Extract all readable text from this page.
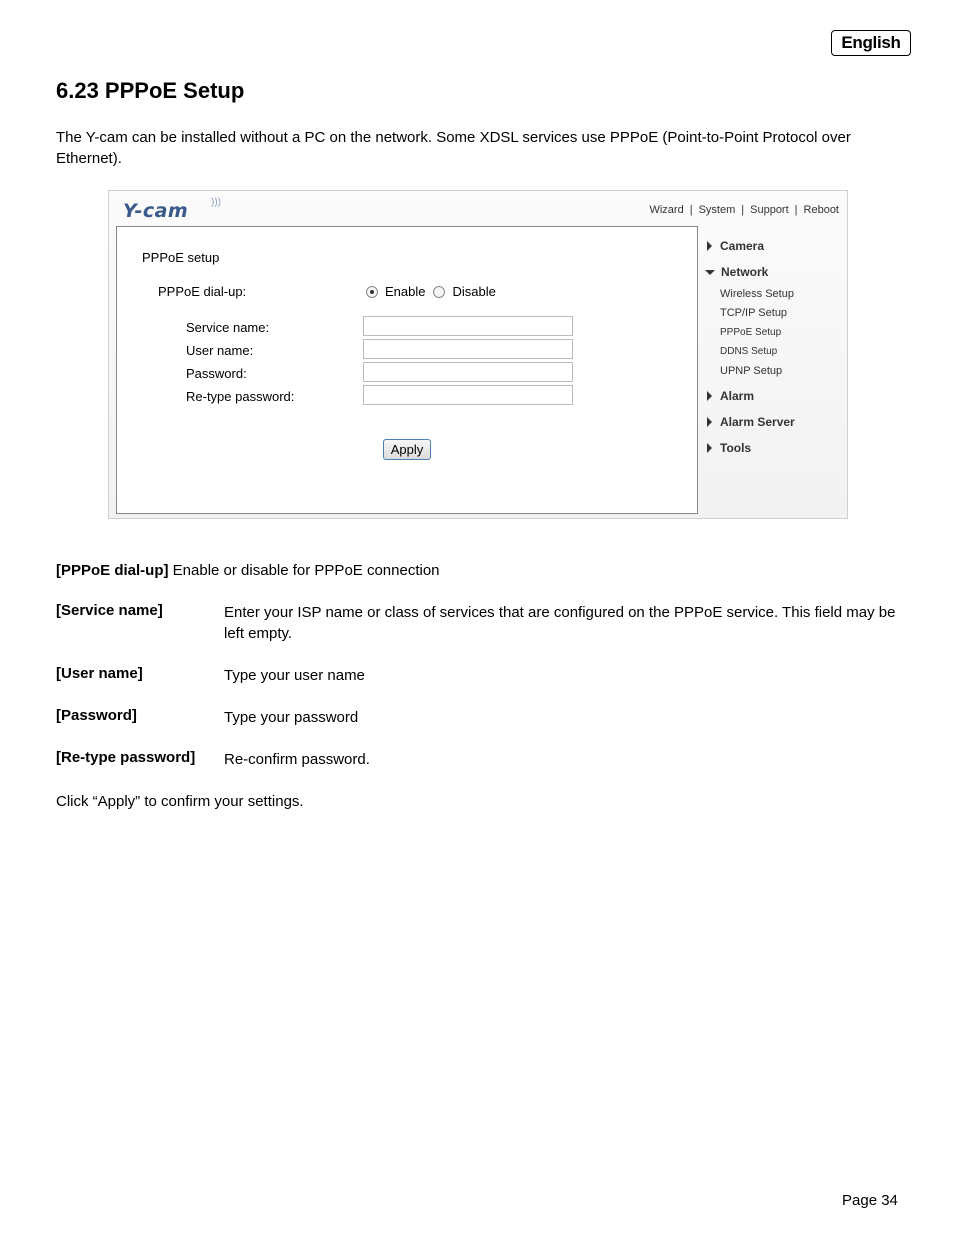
English
6.23 PPPoE Setup
The Y-cam can be installed without a PC on the network. Some XDSL services use PPPoE (Point-to-Point Protocol over Ethernet).
Y-cam )))
Wizard | System | Support | Reboot
PPPoE setup
PPPoE dial-up:	Enable Disable
Service name:
User name:
Password:
Re-type password:
Apply
Camera
Network
Wireless Setup
TCP/IP Setup
PPPoE Setup
DDNS Setup
UPNP Setup
Alarm
Alarm Server
Tools
[PPPoE dial-up] Enable or disable for PPPoE connection
[Service name]	Enter your ISP name or class of services that are configured on the PPPoE service. This field may be left empty.
[User name]	Type your user name
[Password]	Type your password
[Re-type password] Re-confirm password.
Click “Apply” to confirm your settings.
Page 34
